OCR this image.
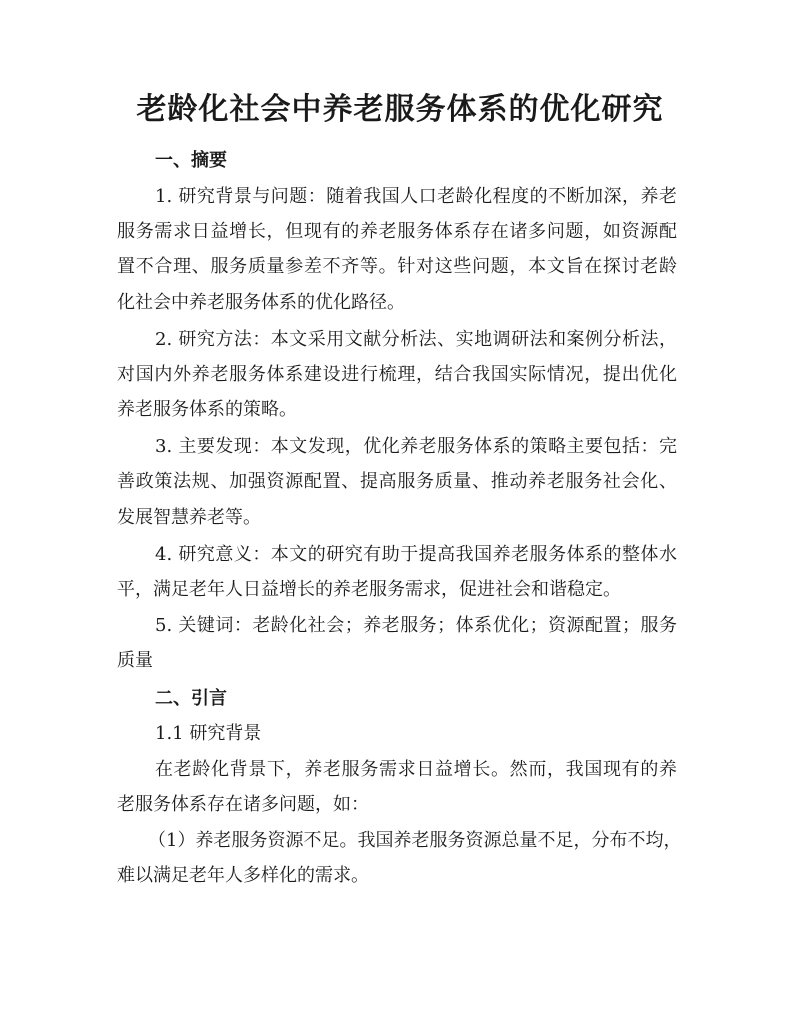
老龄化社会中养老服务体系的优化研究
一、摘要
1. 研究背景与问题：随着我国人口老龄化程度的不断加深，养老
服务需求日益增长，但现有的养老服务体系存在诸多问题，如资源配
置不合理、服务质量参差不齐等。针对这些问题，本文旨在探讨老龄
化社会中养老服务体系的优化路径。
2. 研究方法：本文采用文献分析法、实地调研法和案例分析法，
对国内外养老服务体系建设进行梳理，结合我国实际情况，提出优化
养老服务体系的策略。
3. 主要发现：本文发现，优化养老服务体系的策略主要包括：完
善政策法规、加强资源配置、提高服务质量、推动养老服务社会化、
发展智慧养老等。
4. 研究意义：本文的研究有助于提高我国养老服务体系的整体水
平，满足老年人日益增长的养老服务需求，促进社会和谐稳定。
5. 关键词：老龄化社会；养老服务；体系优化；资源配置；服务
质量
二、引言
1.1 研究背景
在老龄化背景下，养老服务需求日益增长。然而，我国现有的养
老服务体系存在诸多问题，如：
（1）养老服务资源不足。我国养老服务资源总量不足，分布不均，
难以满足老年人多样化的需求。
